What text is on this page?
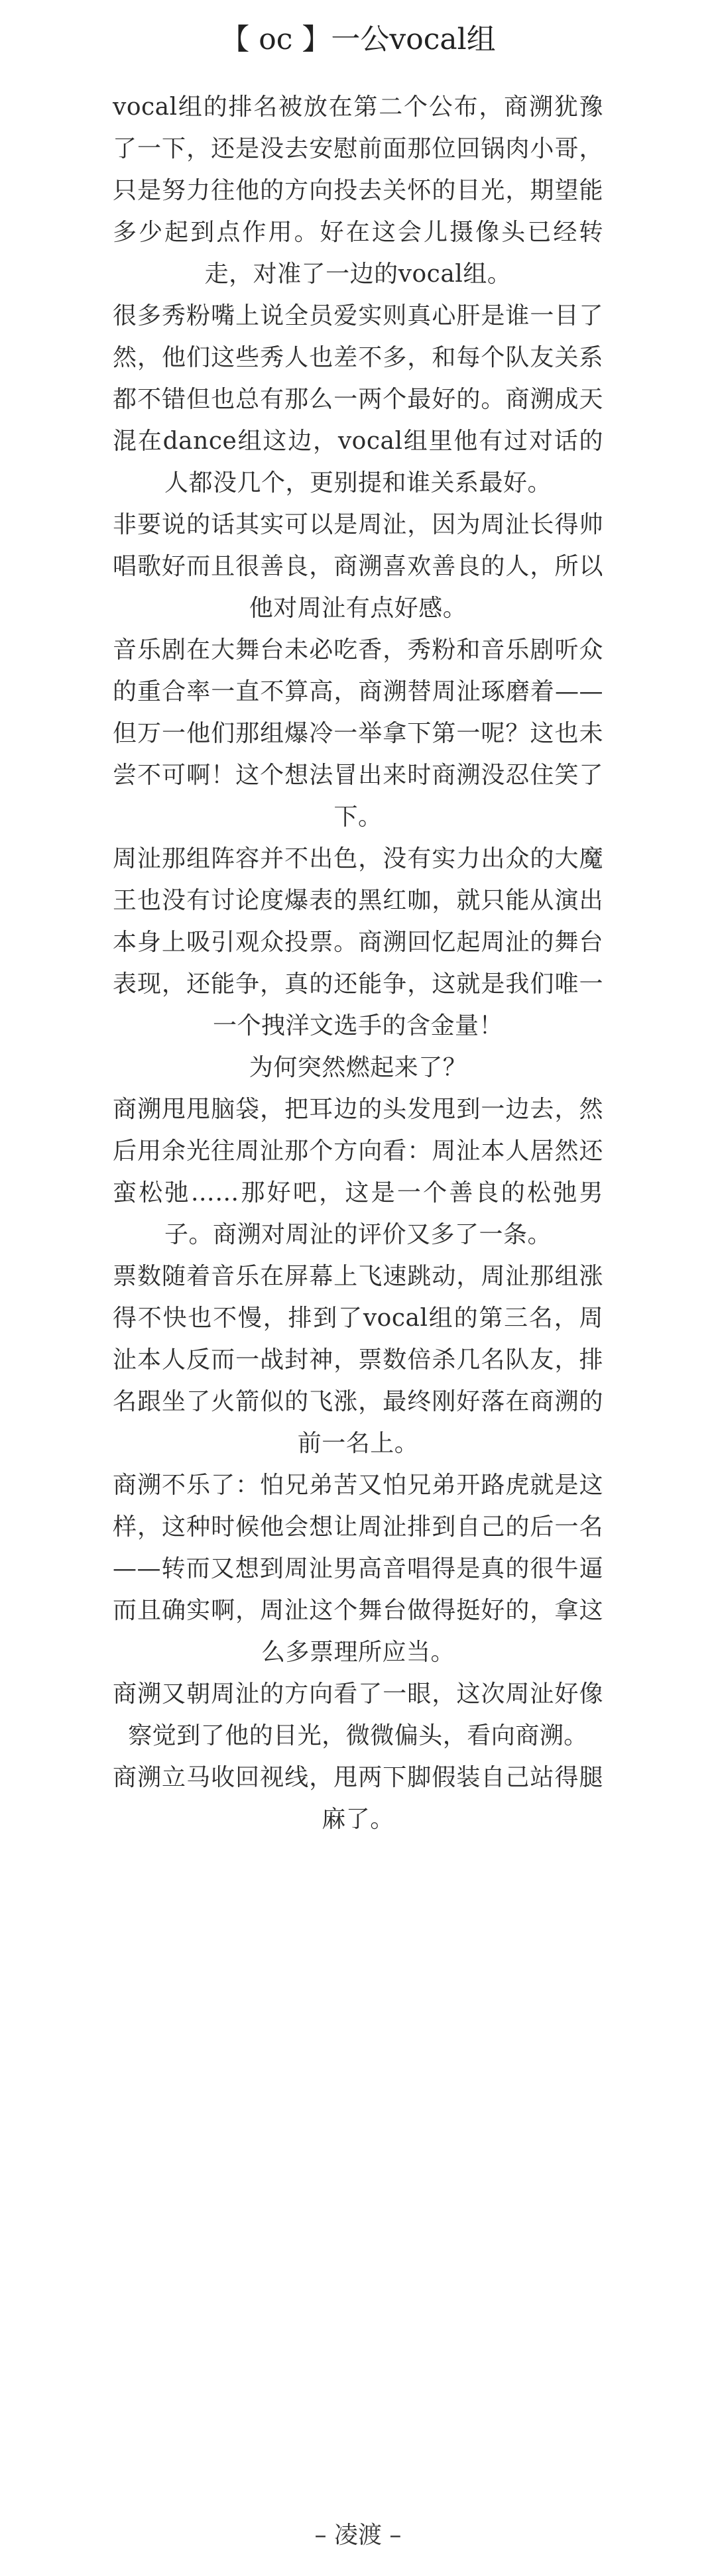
【 oc 】一公vocal组

vocal组的排名被放在第二个公布，商溯犹豫了一下，还是没去安慰前面那位回锅肉小哥，只是努力往他的方向投去关怀的目光，期望能多少起到点作用。好在这会儿摄像头已经转走，对准了一边的vocal组。

很多秀粉嘴上说全员爱实则真心肝是谁一目了然，他们这些秀人也差不多，和每个队友关系都不错但也总有那么一两个最好的。商溯成天混在dance组这边，vocal组里他有过对话的人都没几个，更别提和谁关系最好。

非要说的话其实可以是周沚，因为周沚长得帅唱歌好而且很善良，商溯喜欢善良的人，所以他对周沚有点好感。

音乐剧在大舞台未必吃香，秀粉和音乐剧听众的重合率一直不算高，商溯替周沚琢磨着——但万一他们那组爆冷一举拿下第一呢？这也未尝不可啊！这个想法冒出来时商溯没忍住笑了下。

周沚那组阵容并不出色，没有实力出众的大魔王也没有讨论度爆表的黑红咖，就只能从演出本身上吸引观众投票。商溯回忆起周沚的舞台表现，还能争，真的还能争，这就是我们唯一一个拽洋文选手的含金量！

为何突然燃起来了？

商溯甩甩脑袋，把耳边的头发甩到一边去，然后用余光往周沚那个方向看：周沚本人居然还蛮松弛……那好吧，这是一个善良的松弛男子。商溯对周沚的评价又多了一条。

票数随着音乐在屏幕上飞速跳动，周沚那组涨得不快也不慢，排到了vocal组的第三名，周沚本人反而一战封神，票数倍杀几名队友，排名跟坐了火箭似的飞涨，最终刚好落在商溯的前一名上。

商溯不乐了：怕兄弟苦又怕兄弟开路虎就是这样，这种时候他会想让周沚排到自己的后一名——转而又想到周沚男高音唱得是真的很牛逼而且确实啊，周沚这个舞台做得挺好的，拿这么多票理所应当。

商溯又朝周沚的方向看了一眼，这次周沚好像察觉到了他的目光，微微偏头，看向商溯。

商溯立马收回视线，甩两下脚假装自己站得腿麻了。

– 凌渡 –
